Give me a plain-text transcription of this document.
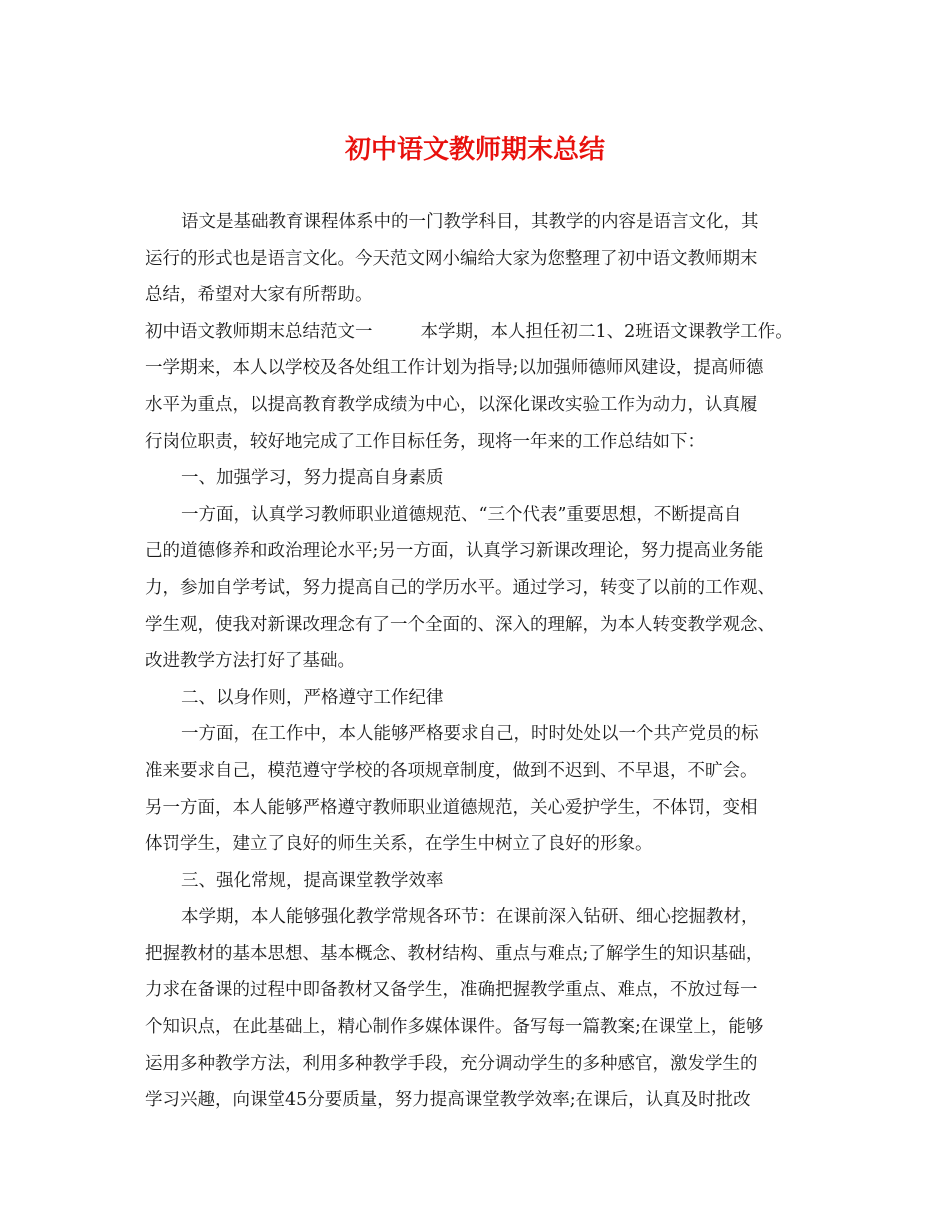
初中语文教师期末总结
语文是基础教育课程体系中的一门教学科目，其教学的内容是语言文化，其
运行的形式也是语言文化。今天范文网小编给大家为您整理了初中语文教师期末
总结，希望对大家有所帮助。
初中语文教师期末总结范文一	本学期，本人担任初二1、2班语文课教学工作。
一学期来，本人以学校及各处组工作计划为指导;以加强师德师风建设，提高师德
水平为重点，以提高教育教学成绩为中心，以深化课改实验工作为动力，认真履
行岗位职责，较好地完成了工作目标任务，现将一年来的工作总结如下：
一、加强学习，努力提高自身素质
一方面，认真学习教师职业道德规范、“三个代表”重要思想，不断提高自
己的道德修养和政治理论水平;另一方面，认真学习新课改理论，努力提高业务能
力，参加自学考试，努力提高自己的学历水平。通过学习，转变了以前的工作观、
学生观，使我对新课改理念有了一个全面的、深入的理解，为本人转变教学观念、
改进教学方法打好了基础。
二、以身作则，严格遵守工作纪律
一方面，在工作中，本人能够严格要求自己，时时处处以一个共产党员的标
准来要求自己，模范遵守学校的各项规章制度，做到不迟到、不早退，不旷会。
另一方面，本人能够严格遵守教师职业道德规范，关心爱护学生，不体罚，变相
体罚学生，建立了良好的师生关系，在学生中树立了良好的形象。
三、强化常规，提高课堂教学效率
本学期，本人能够强化教学常规各环节：在课前深入钻研、细心挖掘教材，
把握教材的基本思想、基本概念、教材结构、重点与难点;了解学生的知识基础，
力求在备课的过程中即备教材又备学生，准确把握教学重点、难点，不放过每一
个知识点，在此基础上，精心制作多媒体课件。备写每一篇教案;在课堂上，能够
运用多种教学方法，利用多种教学手段，充分调动学生的多种感官，激发学生的
学习兴趣，向课堂45分要质量，努力提高课堂教学效率;在课后，认真及时批改
